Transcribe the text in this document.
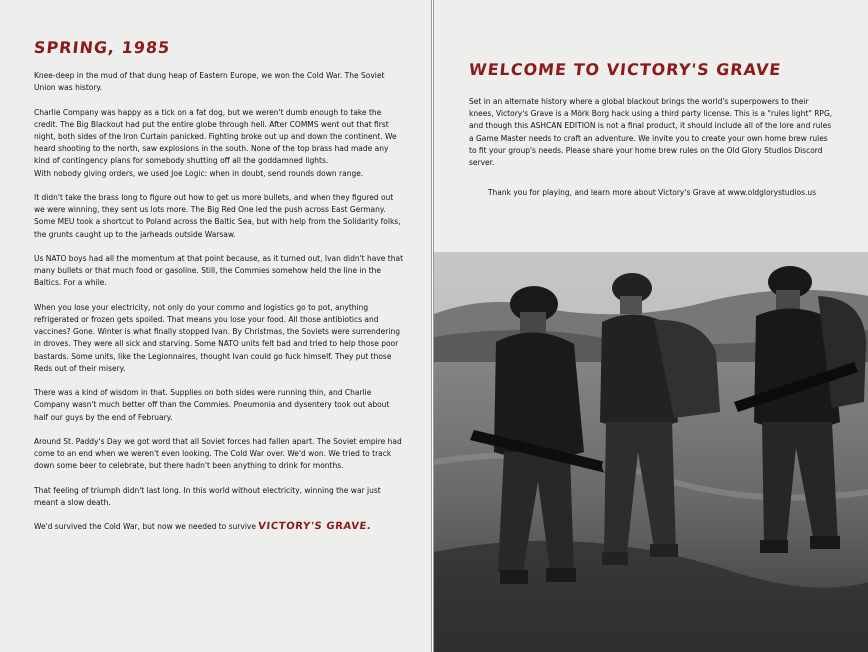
SPRING, 1985

Knee-deep in the mud of that dung heap of Eastern Europe, we won the Cold War. The Soviet Union was history.

Charlie Company was happy as a tick on a fat dog, but we weren't dumb enough to take the credit. The Big Blackout had put the entire globe through hell. After COMMS went out that first night, both sides of the Iron Curtain panicked. Fighting broke out up and down the continent. We heard shooting to the north, saw explosions in the south. None of the top brass had made any kind of contingency plans for somebody shutting off all the goddamned lights.

With nobody giving orders, we used Joe Logic: when in doubt, send rounds down range.

It didn't take the brass long to figure out how to get us more bullets, and when they figured out we were winning, they sent us lots more. The Big Red One led the push across East Germany. Some MEU took a shortcut to Poland across the Baltic Sea, but with help from the Solidarity folks, the grunts caught up to the jarheads outside Warsaw.

Us NATO boys had all the momentum at that point because, as it turned out, Ivan didn't have that many bullets or that much food or gasoline. Still, the Commies somehow held the line in the Baltics. For a while.

When you lose your electricity, not only do your commo and logistics go to pot, anything refrigerated or frozen gets spoiled. That means you lose your food. All those antibiotics and vaccines? Gone. Winter is what finally stopped Ivan. By Christmas, the Soviets were surrendering in droves. They were all sick and starving. Some NATO units felt bad and tried to help those poor bastards. Some units, like the Legionnaires, thought Ivan could go fuck himself. They put those Reds out of their misery.

There was a kind of wisdom in that. Supplies on both sides were running thin, and Charlie Company wasn't much better off than the Commies. Pneumonia and dysentery took out about half our guys by the end of February.

Around St. Paddy's Day we got word that all Soviet forces had fallen apart. The Soviet empire had come to an end when we weren't even looking. The Cold War over. We'd won. We tried to track down some beer to celebrate, but there hadn't been anything to drink for months.

That feeling of triumph didn't last long. In this world without electricity, winning the war just meant a slow death.

We'd survived the Cold War, but now we needed to survive VICTORY'S GRAVE.

WELCOME TO VICTORY'S GRAVE

Set in an alternate history where a global blackout brings the world's superpowers to their knees, Victory's Grave is a Mörk Borg hack using a third party license. This is a "rules light" RPG, and though this ASHCAN EDITION is not a final product, it should include all of the lore and rules a Game Master needs to craft an adventure. We invite you to create your own home brew rules to fit your group's needs. Please share your home brew rules on the Old Glory Studios Discord server.

Thank you for playing, and learn more about Victory's Grave at www.oldglorystudios.us
